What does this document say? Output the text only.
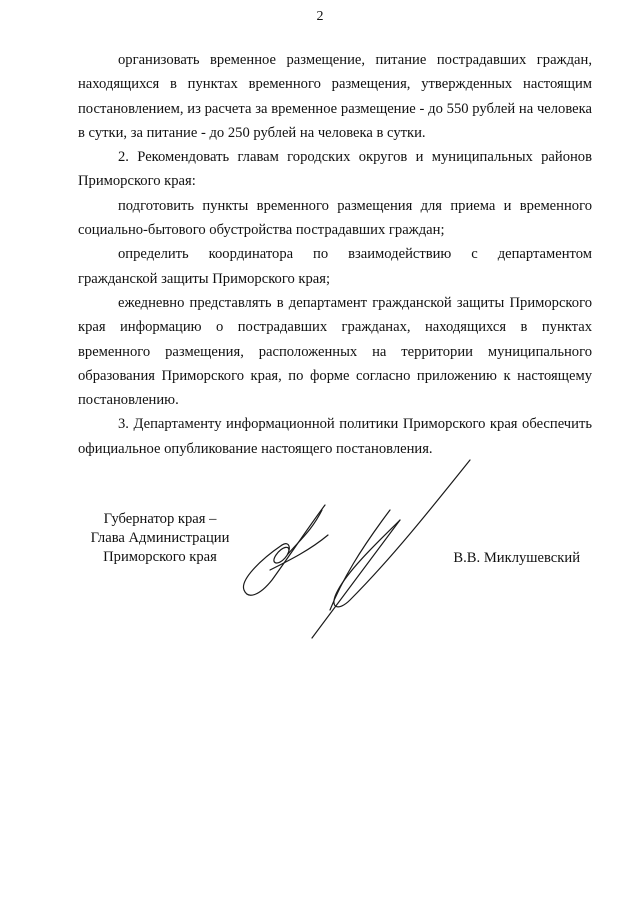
2

организовать временное размещение, питание пострадавших граждан, находящихся в пунктах временного размещения, утвержденных настоящим постановлением, из расчета за временное размещение - до 550 рублей на человека в сутки, за питание - до 250 рублей на человека в сутки.

2. Рекомендовать главам городских округов и муниципальных районов Приморского края:

подготовить пункты временного размещения для приема и временного социально-бытового обустройства пострадавших граждан;

определить координатора по взаимодействию с департаментом гражданской защиты Приморского края;

ежедневно представлять в департамент гражданской защиты Приморского края информацию о пострадавших гражданах, находящихся в пунктах временного размещения, расположенных на территории муниципального образования Приморского края, по форме согласно приложению к настоящему постановлению.

3. Департаменту информационной политики Приморского края обеспечить официальное опубликование настоящего постановления.

Губернатор края –
Глава Администрации
Приморского края	В.В. Миклушевский
